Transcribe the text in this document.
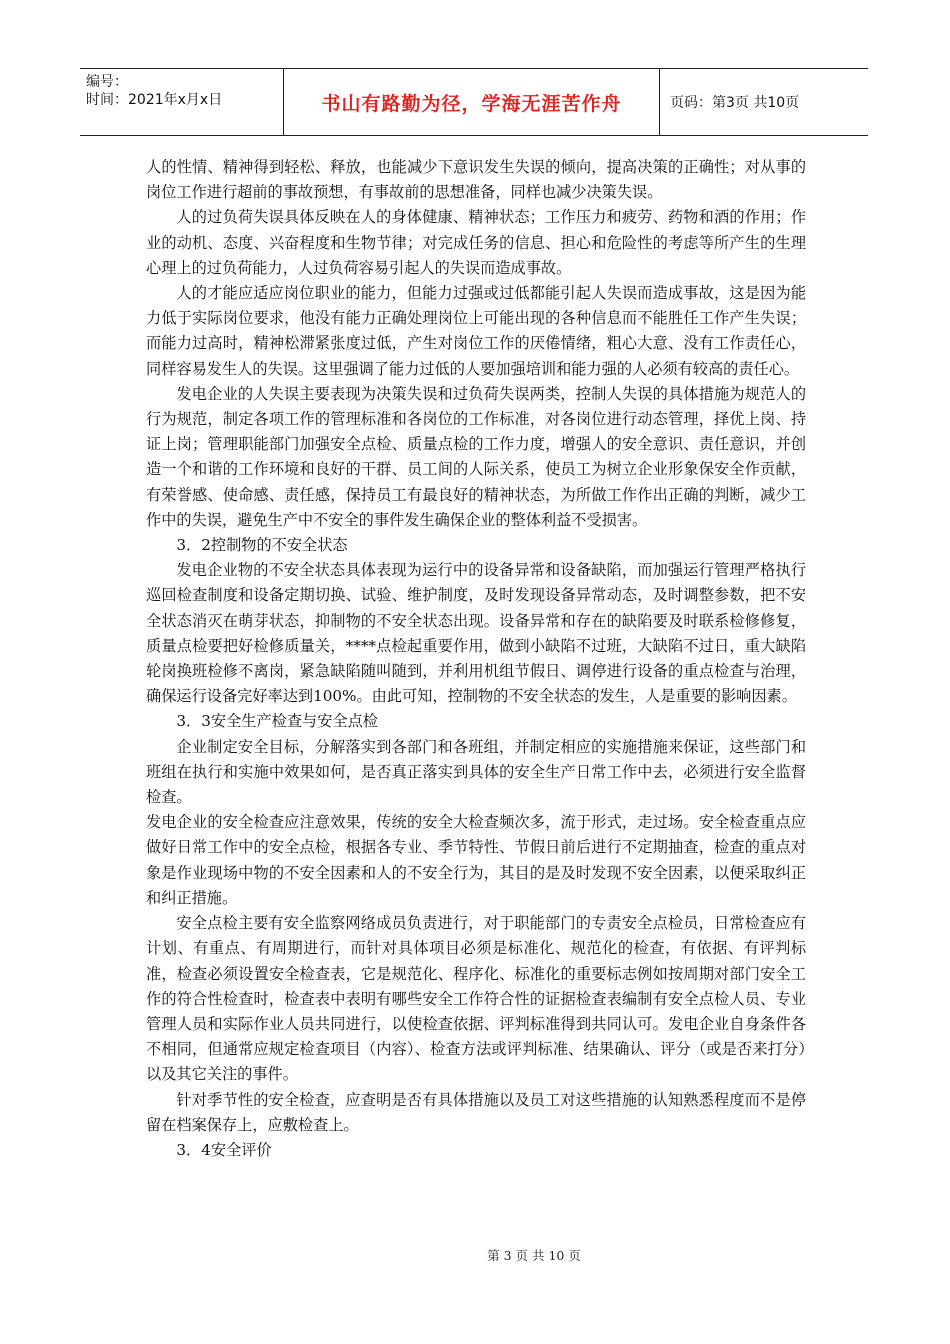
编号：
时间：2021年x月x日	书山有路勤为径，学海无涯苦作舟	页码：第3页 共10页

人的性情、精神得到轻松、释放，也能减少下意识发生失误的倾向，提高决策的正确性；对从事的岗位工作进行超前的事故预想，有事故前的思想准备，同样也减少决策失误。

人的过负荷失误具体反映在人的身体健康、精神状态；工作压力和疲劳、药物和酒的作用；作业的动机、态度、兴奋程度和生物节律；对完成任务的信息、担心和危险性的考虑等所产生的生理心理上的过负荷能力，人过负荷容易引起人的失误而造成事故。

人的才能应适应岗位职业的能力，但能力过强或过低都能引起人失误而造成事故，这是因为能力低于实际岗位要求，他没有能力正确处理岗位上可能出现的各种信息而不能胜任工作产生失误；而能力过高时，精神松滞紧张度过低，产生对岗位工作的厌倦情绪，粗心大意、没有工作责任心，同样容易发生人的失误。这里强调了能力过低的人要加强培训和能力强的人必须有较高的责任心。

发电企业的人失误主要表现为决策失误和过负荷失误两类，控制人失误的具体措施为规范人的行为规范，制定各项工作的管理标准和各岗位的工作标准，对各岗位进行动态管理，择优上岗、持证上岗；管理职能部门加强安全点检、质量点检的工作力度，增强人的安全意识、责任意识，并创造一个和谐的工作环境和良好的干群、员工间的人际关系，使员工为树立企业形象保安全作贡献，有荣誉感、使命感、责任感，保持员工有最良好的精神状态，为所做工作作出正确的判断，减少工作中的失误，避免生产中不安全的事件发生确保企业的整体利益不受损害。

3．2控制物的不安全状态

发电企业物的不安全状态具体表现为运行中的设备异常和设备缺陷，而加强运行管理严格执行巡回检查制度和设备定期切换、试验、维护制度，及时发现设备异常动态，及时调整参数，把不安全状态消灭在萌芽状态，抑制物的不安全状态出现。设备异常和存在的缺陷要及时联系检修修复，质量点检要把好检修质量关，****点检起重要作用，做到小缺陷不过班，大缺陷不过日，重大缺陷轮岗换班检修不离岗，紧急缺陷随叫随到，并利用机组节假日、调停进行设备的重点检查与治理，确保运行设备完好率达到100%。由此可知，控制物的不安全状态的发生，人是重要的影响因素。

3．3安全生产检查与安全点检

企业制定安全目标，分解落实到各部门和各班组，并制定相应的实施措施来保证，这些部门和班组在执行和实施中效果如何，是否真正落实到具体的安全生产日常工作中去，必须进行安全监督检查。

发电企业的安全检查应注意效果，传统的安全大检查频次多，流于形式，走过场。安全检查重点应做好日常工作中的安全点检，根据各专业、季节特性、节假日前后进行不定期抽查，检查的重点对象是作业现场中物的不安全因素和人的不安全行为，其目的是及时发现不安全因素，以便采取纠正和纠正措施。

安全点检主要有安全监察网络成员负责进行，对于职能部门的专责安全点检员，日常检查应有计划、有重点、有周期进行，而针对具体项目必须是标准化、规范化的检查，有依据、有评判标准，检查必须设置安全检查表，它是规范化、程序化、标准化的重要标志例如按周期对部门安全工作的符合性检查时，检查表中表明有哪些安全工作符合性的证据检查表编制有安全点检人员、专业管理人员和实际作业人员共同进行，以使检查依据、评判标准得到共同认可。发电企业自身条件各不相同，但通常应规定检查项目（内容）、检查方法或评判标准、结果确认、评分（或是否来打分）以及其它关注的事件。

针对季节性的安全检查，应查明是否有具体措施以及员工对这些措施的认知熟悉程度而不是停留在档案保存上，应敷检查上。

3．4安全评价

第 3 页 共 10 页
